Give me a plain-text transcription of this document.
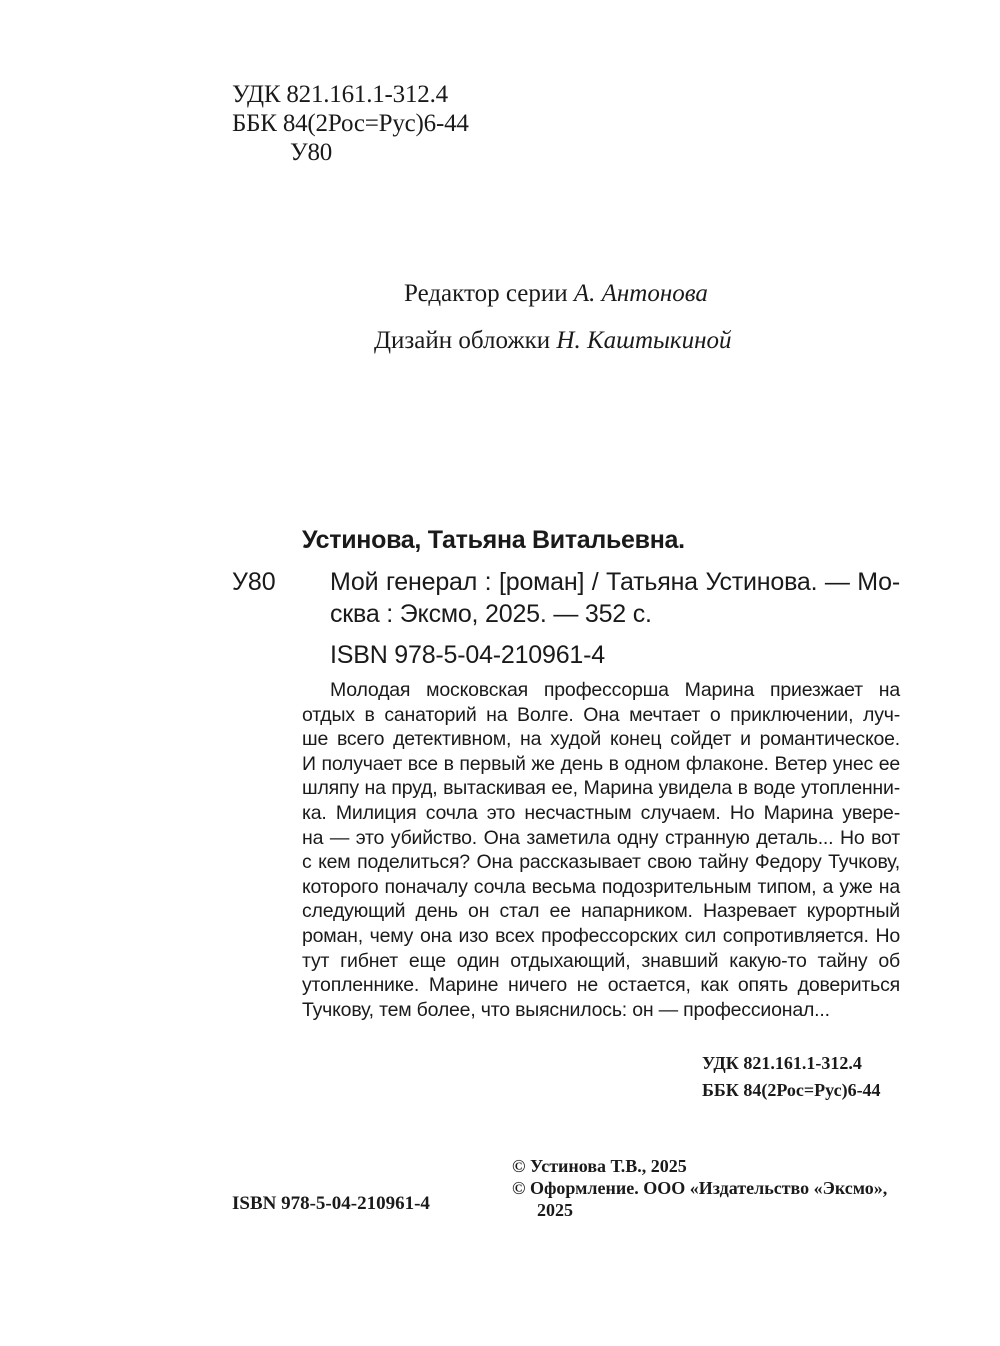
УДК 821.161.1-312.4
ББК 84(2Рос=Рус)6-44
У80
Редактор серии А. Антонова
Дизайн обложки Н. Каштыкиной
Устинова, Татьяна Витальевна.
У80 Мой генерал : [роман] / Татьяна Устинова. — Мо-
сква : Эксмо, 2025. — 352 с.
ISBN 978-5-04-210961-4
Молодая московская профессорша Марина приезжает на
отдых в санаторий на Волге. Она мечтает о приключении, луч-
ше всего детективном, на худой конец сойдет и романтическое.
И получает все в первый же день в одном флаконе. Ветер унес ее
шляпу на пруд, вытаскивая ее, Марина увидела в воде утопленни-
ка. Милиция сочла это несчастным случаем. Но Марина уверe-
на — это убийство. Она заметила одну странную деталь... Но вот
с кем поделиться? Она рассказывает свою тайну Федору Тучкову,
которого поначалу сочла весьма подозрительным типом, а уже на
следующий день он стал ее напарником. Назревает курортный
роман, чему она изо всех профессорских сил сопротивляется. Но
тут гибнет еще один отдыхающий, знавший какую-то тайну об
утопленнике. Марине ничего не остается, как опять довериться
Тучкову, тем более, что выяснилось: он — профессионал...
УДК 821.161.1-312.4
ББК 84(2Рос=Рус)6-44
© Устинова Т.В., 2025
© Оформление. ООО «Издательство «Эксмо»,
2025
ISBN 978-5-04-210961-4
